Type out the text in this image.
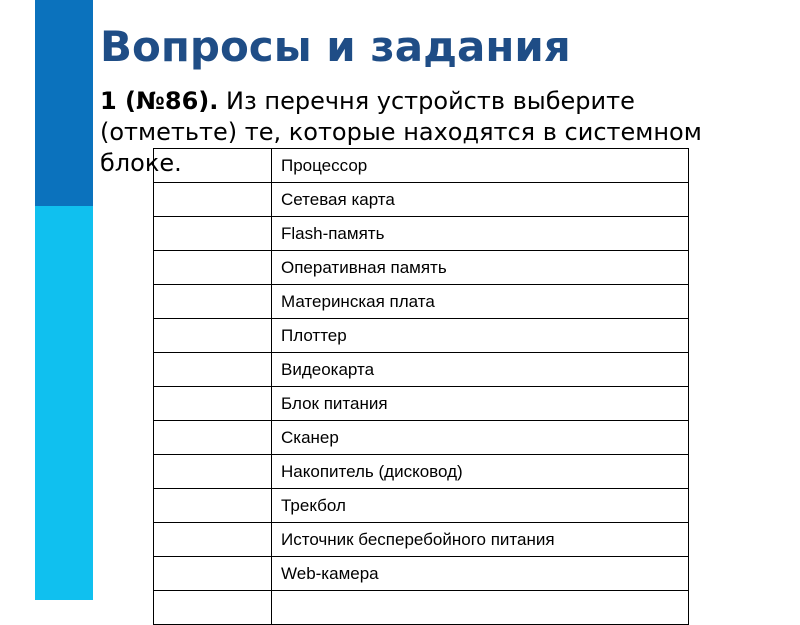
Вопросы и задания

1 (№86). Из перечня устройств выберите (отметьте) те, которые находятся в системном блоке.

		Процессор
	Сетевая карта
	Flash-память
	Оперативная память
	Материнская плата
	Плоттер
	Видеокарта
	Блок питания
	Сканер
	Накопитель (дисковод)
	Трекбол
	Источник бесперебойного питания
	Web-камера
